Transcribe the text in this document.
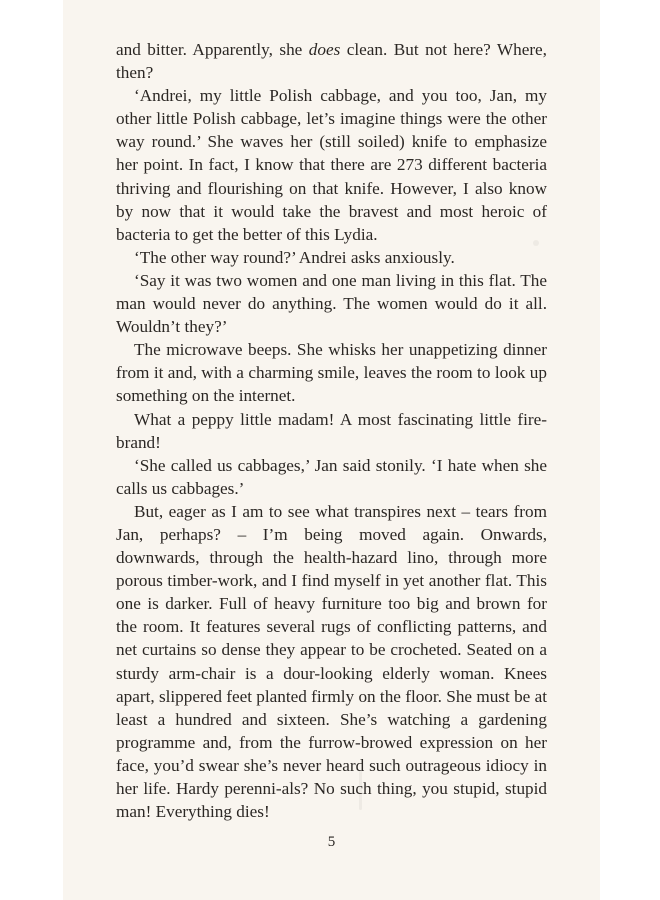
and bitter. Apparently, she does clean. But not here? Where, then?

‘Andrei, my little Polish cabbage, and you too, Jan, my other little Polish cabbage, let’s imagine things were the other way round.’ She waves her (still soiled) knife to emphasize her point. In fact, I know that there are 273 different bacteria thriving and flourishing on that knife. However, I also know by now that it would take the bravest and most heroic of bacteria to get the better of this Lydia.

‘The other way round?’ Andrei asks anxiously.

‘Say it was two women and one man living in this flat. The man would never do anything. The women would do it all. Wouldn’t they?’

The microwave beeps. She whisks her unappetizing dinner from it and, with a charming smile, leaves the room to look up something on the internet.

What a peppy little madam! A most fascinating little fire-brand!

‘She called us cabbages,’ Jan said stonily. ‘I hate when she calls us cabbages.’

But, eager as I am to see what transpires next – tears from Jan, perhaps? – I’m being moved again. Onwards, downwards, through the health-hazard lino, through more porous timber-work, and I find myself in yet another flat. This one is darker. Full of heavy furniture too big and brown for the room. It features several rugs of conflicting patterns, and net curtains so dense they appear to be crocheted. Seated on a sturdy arm-chair is a dour-looking elderly woman. Knees apart, slippered feet planted firmly on the floor. She must be at least a hundred and sixteen. She’s watching a gardening programme and, from the furrow-browed expression on her face, you’d swear she’s never heard such outrageous idiocy in her life. Hardy perenni-als? No such thing, you stupid, stupid man! Everything dies!

5
